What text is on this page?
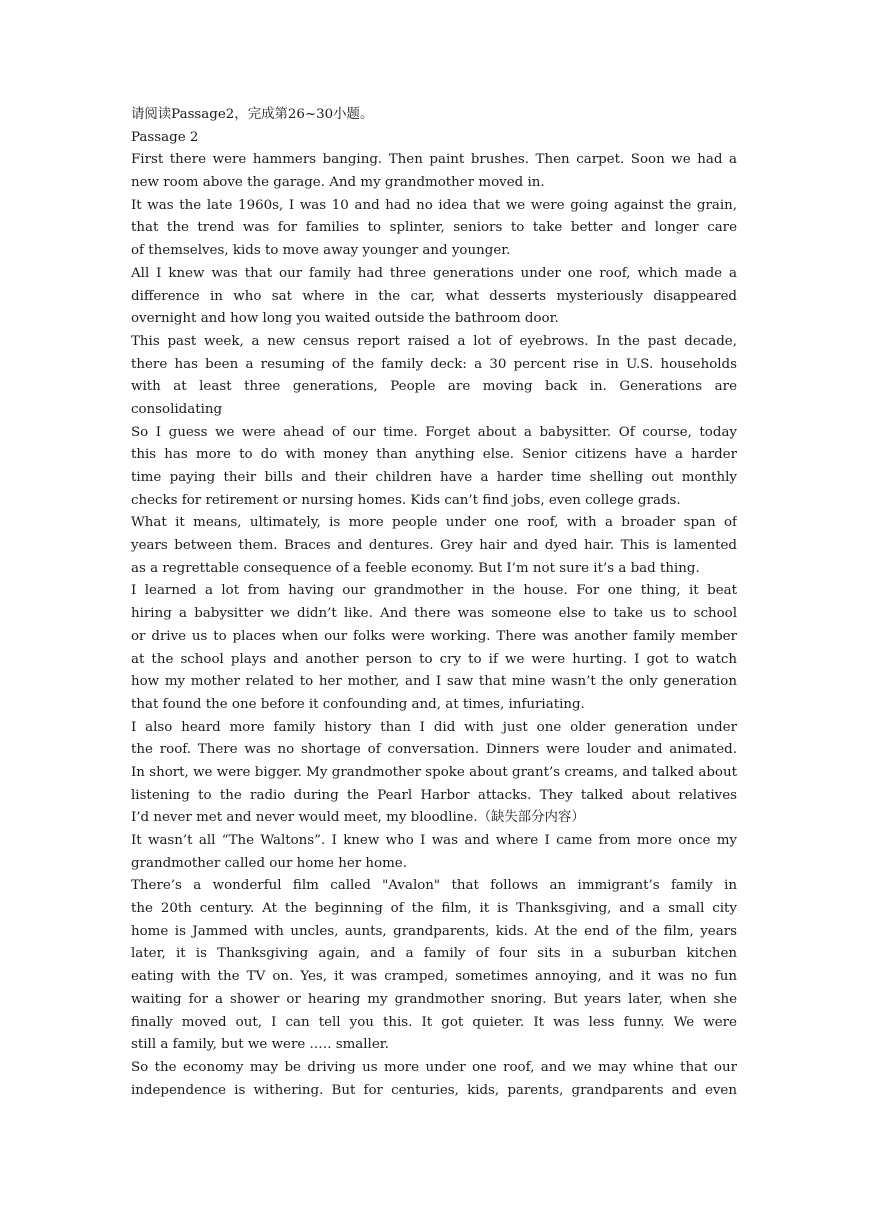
请阅读Passage2，完成第26~30小题。
Passage 2
First there were hammers banging. Then paint brushes. Then carpet. Soon we had a
new room above the garage. And my grandmother moved in.
It was the late 1960s, I was 10 and had no idea that we were going against the grain,
that the trend was for families to splinter, seniors to take better and longer care
of themselves, kids to move away younger and younger.
All I knew was that our family had three generations under one roof, which made a
difference in who sat where in the car, what desserts mysteriously disappeared
overnight and how long you waited outside the bathroom door.
This past week, a new census report raised a lot of eyebrows. In the past decade,
there has been a resuming of the family deck: a 30 percent rise in U.S. households
with at least three generations, People are moving back in. Generations are
consolidating
So I guess we were ahead of our time. Forget about a babysitter. Of course, today
this has more to do with money than anything else. Senior citizens have a harder
time paying their bills and their children have a harder time shelling out monthly
checks for retirement or nursing homes. Kids can’t find jobs, even college grads.
What it means, ultimately, is more people under one roof, with a broader span of
years between them. Braces and dentures. Grey hair and dyed hair. This is lamented
as a regrettable consequence of a feeble economy. But I’m not sure it’s a bad thing.
I learned a lot from having our grandmother in the house. For one thing, it beat
hiring a babysitter we didn’t like. And there was someone else to take us to school
or drive us to places when our folks were working. There was another family member
at the school plays and another person to cry to if we were hurting. I got to watch
how my mother related to her mother, and I saw that mine wasn’t the only generation
that found the one before it confounding and, at times, infuriating.
I also heard more family history than I did with just one older generation under
the roof. There was no shortage of conversation. Dinners were louder and animated.
In short, we were bigger. My grandmother spoke about grant’s creams, and talked about
listening to the radio during the Pearl Harbor attacks. They talked about relatives
I’d never met and never would meet, my bloodline.（缺失部分内容）
It wasn’t all “The Waltons”. I knew who I was and where I came from more once my
grandmother called our home her home.
There’s a wonderful film called "Avalon" that follows an immigrant’s family in
the 20th century. At the beginning of the film, it is Thanksgiving, and a small city
home is Jammed with uncles, aunts, grandparents, kids. At the end of the film, years
later, it is Thanksgiving again, and a family of four sits in a suburban kitchen
eating with the TV on. Yes, it was cramped, sometimes annoying, and it was no fun
waiting for a shower or hearing my grandmother snoring. But years later, when she
finally moved out, I can tell you this. It got quieter. It was less funny. We were
still a family, but we were .…. smaller.
So the economy may be driving us more under one roof, and we may whine that our
independence is withering. But for centuries, kids, parents, grandparents and even
